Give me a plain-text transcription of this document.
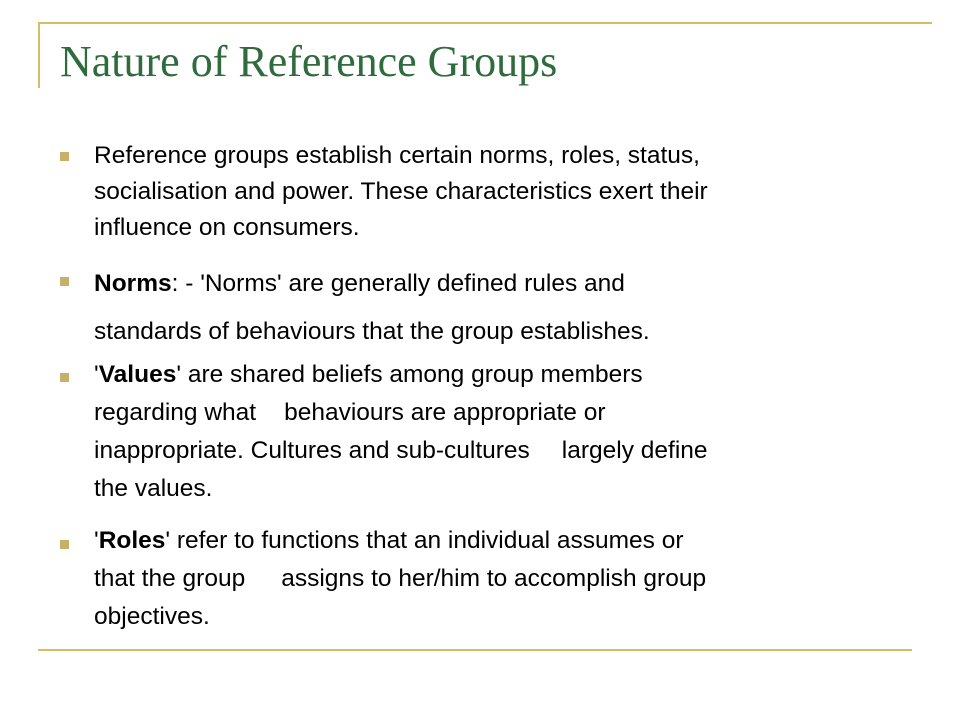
Nature of Reference Groups
Reference groups establish certain norms, roles, status,
socialisation and power. These characteristics exert their
influence on consumers.
Norms: - 'Norms' are generally defined rules and
standards of behaviours that the group establishes.
'Values' are shared beliefs among group members
regarding what behaviours are appropriate or
inappropriate. Cultures and sub-cultures largely define
the values.
'Roles' refer to functions that an individual assumes or
that the group assigns to her/him to accomplish group
objectives.
